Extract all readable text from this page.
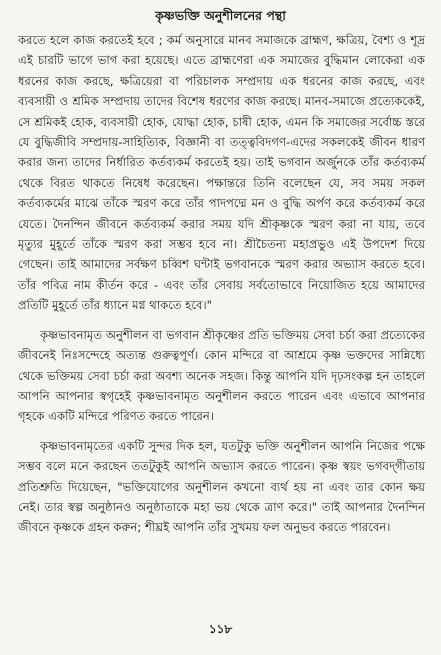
কৃষ্ণভক্তি অনুশীলনের পন্থা

করতে হলে কাজ করতেই হবে ; কর্ম অনুসারে মানব সমাজকে ব্রাহ্মণ, ক্ষত্রিয়, বৈশ্য ও শূদ্র এই চারটি ভাগে ভাগ করা হয়েছে। এতে ব্রাহ্মণেরা এক সমাজের বুদ্ধিমান লোকেরা এক ধরনের কাজ করছে, ক্ষত্রিয়েরা বা পরিচালক সম্প্রদায় এক ধরনের কাজ করছে, এবং ব্যবসায়ী ও শ্রমিক সম্প্রদায় তাদের বিশেষ ধরণের কাজ করছে। মানব-সমাজে প্রত্যেককেই, সে শ্রমিকই হোক, ব্যবসায়ী হোক, যোদ্ধা হোক, চাষী হোক, এমন কি সমাজের সর্বোচ্চ স্তরে যে বুদ্ধিজীবি সম্প্রদায়-সাহিত্যিক, বিজ্ঞানী বা তত্ত্ববিদগণ-এদের সকলকেই জীবন ধারণ করার জন্য তাদের নির্ধারিত কর্তব্যকর্ম করতেই হয়। তাই ভগবান অর্জুনকে তাঁর কর্তব্যকর্ম থেকে বিরত থাকতে নিষেধ করেছেন। পক্ষান্তরে তিনি বলেছেন যে, সব সময় সকল কর্তব্যকর্মের মাঝে তাঁকে স্মরণ করে তাঁর পাদপদ্মে মন ও বুদ্ধি অর্পণ করে কর্তব্যকর্ম করে যেতে। দৈনন্দিন জীবনে কর্তব্যকর্ম করার সময় যদি শ্রীকৃষ্ণকে স্মরণ করা না যায়, তবে মৃত্যুর মুহূর্তে তাঁকে স্মরণ করা সম্ভব হবে না। শ্রীচৈতন্য মহাপ্রভুও এই উপদেশ দিয়ে গেছেন। তাই আমাদের সর্বক্ষণ চব্বিশ ঘন্টাই ভগবানকে স্মরণ করার অভ্যাস করতে হবে। তাঁর পবিত্র নাম কীর্তন করে - এবং তাঁর সেবায় সর্বতোভাবে নিয়োজিত হয়ে আমাদের প্রতিটি মুহূর্তে তাঁর ধ্যানে মগ্ন থাকতে হবে।"

কৃষ্ণভাবনামৃত অনুশীলন বা ভগবান শ্রীকৃষ্ণের প্রতি ভক্তিময় সেবা চর্চা করা প্রত্যেকের জীবনেই নিঃসন্দেহে অত্যন্ত গুরুত্বপূর্ণ। কোন মন্দিরে বা আশ্রমে কৃষ্ণ ভক্তদের সান্নিধ্যে থেকে ভক্তিময় সেবা চর্চা করা অবশ্য অনেক সহজ। কিন্তু আপনি যদি দৃঢ়সংকল্প হন তাহলে আপনি আপনার স্বগৃহেই কৃষ্ণভাবনামৃত অনুশীলন করতে পারেন এবং এভাবে আপনার গৃহকে একটি মন্দিরে পরিণত করতে পারেন।

কৃষ্ণভাবনামৃতের একটি সুন্দর দিক হল, যতটুকু ভক্তি অনুশীলন আপনি নিজের পক্ষে সম্ভব বলে মনে করছেন ততটুকুই আপনি অভ্যাস করতে পারেন। কৃষ্ণ স্বয়ং ভগবদ্‌গীতায় প্রতিশ্রুতি দিয়েছেন, "ভক্তিযোগের অনুশীলন কখনো ব্যর্থ হয় না এবং তার কোন ক্ষয় নেই। তার স্বল্প অনুষ্ঠানও অনুষ্ঠাতাকে মহা ভয় থেকে ত্রাণ করে।" তাই আপনার দৈনন্দিন জীবনে কৃষ্ণকে গ্রহন করুন; শীঘ্রই আপনি তাঁর সুখময় ফল অনুভব করতে পারবেন।

১১৮
